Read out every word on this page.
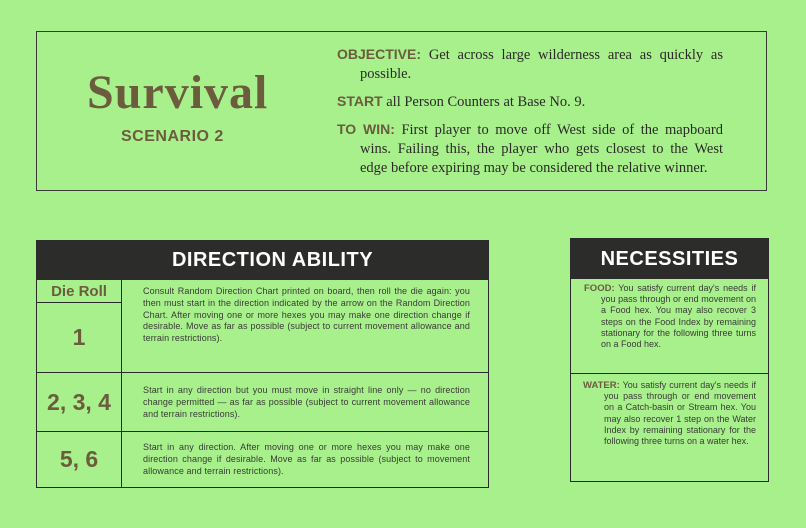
Survival
SCENARIO 2

OBJECTIVE: Get across large wilderness area as quickly as possible.

START all Person Counters at Base No. 9.

TO WIN: First player to move off West side of the mapboard wins. Failing this, the player who gets closest to the West edge before expiring may be considered the relative winner.

DIRECTION ABILITY
Die Roll
1
Consult Random Direction Chart printed on board, then roll the die again: you then must start in the direction indicated by the arrow on the Random Direction Chart. After moving one or more hexes you may make one direction change if desirable. Move as far as possible (subject to current movement allowance and terrain restrictions).
2, 3, 4	Start in any direction but you must move in straight line only — no direction change permitted — as far as possible (subject to current movement allowance and terrain restrictions).
5, 6	Start in any direction. After moving one or more hexes you may make one direction change if desirable. Move as far as possible (subject to movement allowance and terrain restrictions).
NECESSITIES
FOOD: You satisfy current day's needs if you pass through or end movement on a Food hex. You may also recover 3 steps on the Food Index by remaining stationary for the following three turns on a Food hex.
WATER: You satisfy current day's needs if you pass through or end movement on a Catch-basin or Stream hex. You may also recover 1 step on the Water Index by remaining stationary for the following three turns on a water hex.
